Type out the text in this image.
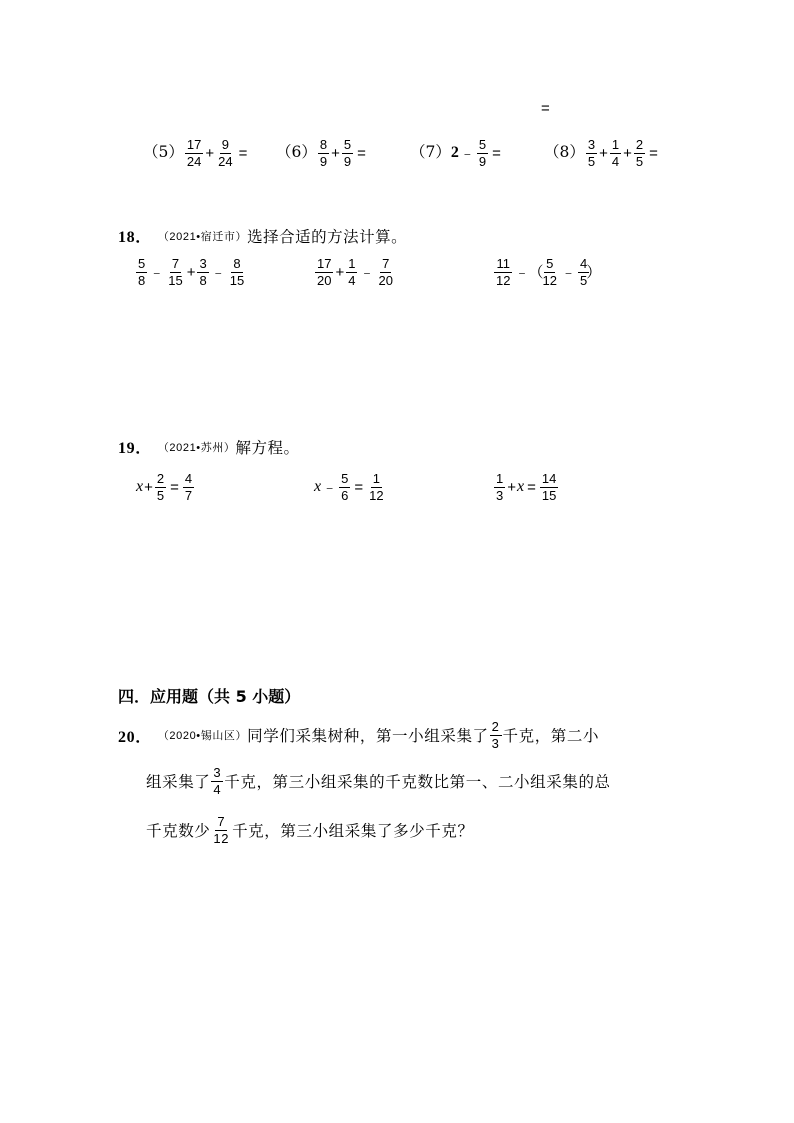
=
$(5) \frac{17}{24} + \frac{9}{24} = (6) \frac{8}{9} + \frac{5}{9}$ =	（7） 2 ﹣ $\frac{5}{9}$ =	$(8) \frac{3}{5} + \frac{1}{4} + \frac{2}{5}$ =
18． （2021•宿迁市） 选择合适的方法计算。
$\frac{5}{8}$ ﹣ $\frac{7}{15} + \frac{3}{8}$ ﹣ $\frac{8}{15}$	$\frac{17}{20} + \frac{1}{4}$ ﹣ $\frac{7}{20}$	$\frac{11}{12}$ ﹣ （
$\frac{5}{12}$ ﹣ $\frac{4}{5}$
）
19． （2021•苏州） 解方程。
$x + \frac{2}{5} = \frac{4}{7}$	x ﹣ $\frac{5}{6} = \frac{1}{12}$	$\frac{1}{3} + x = \frac{14}{15}$
四．应用题（共 5 小题）
20． （2020•锡山区） 同学们采集树种，第一小组采集了 $\frac{2}{3}$ 千克，第二小
组采集了 $\frac{3}{4}$ 千克，第三小组采集的千克数比第一、二小组采集的总
千克数少 $\frac{7}{12}$ 千克，第三小组采集了多少千克？
